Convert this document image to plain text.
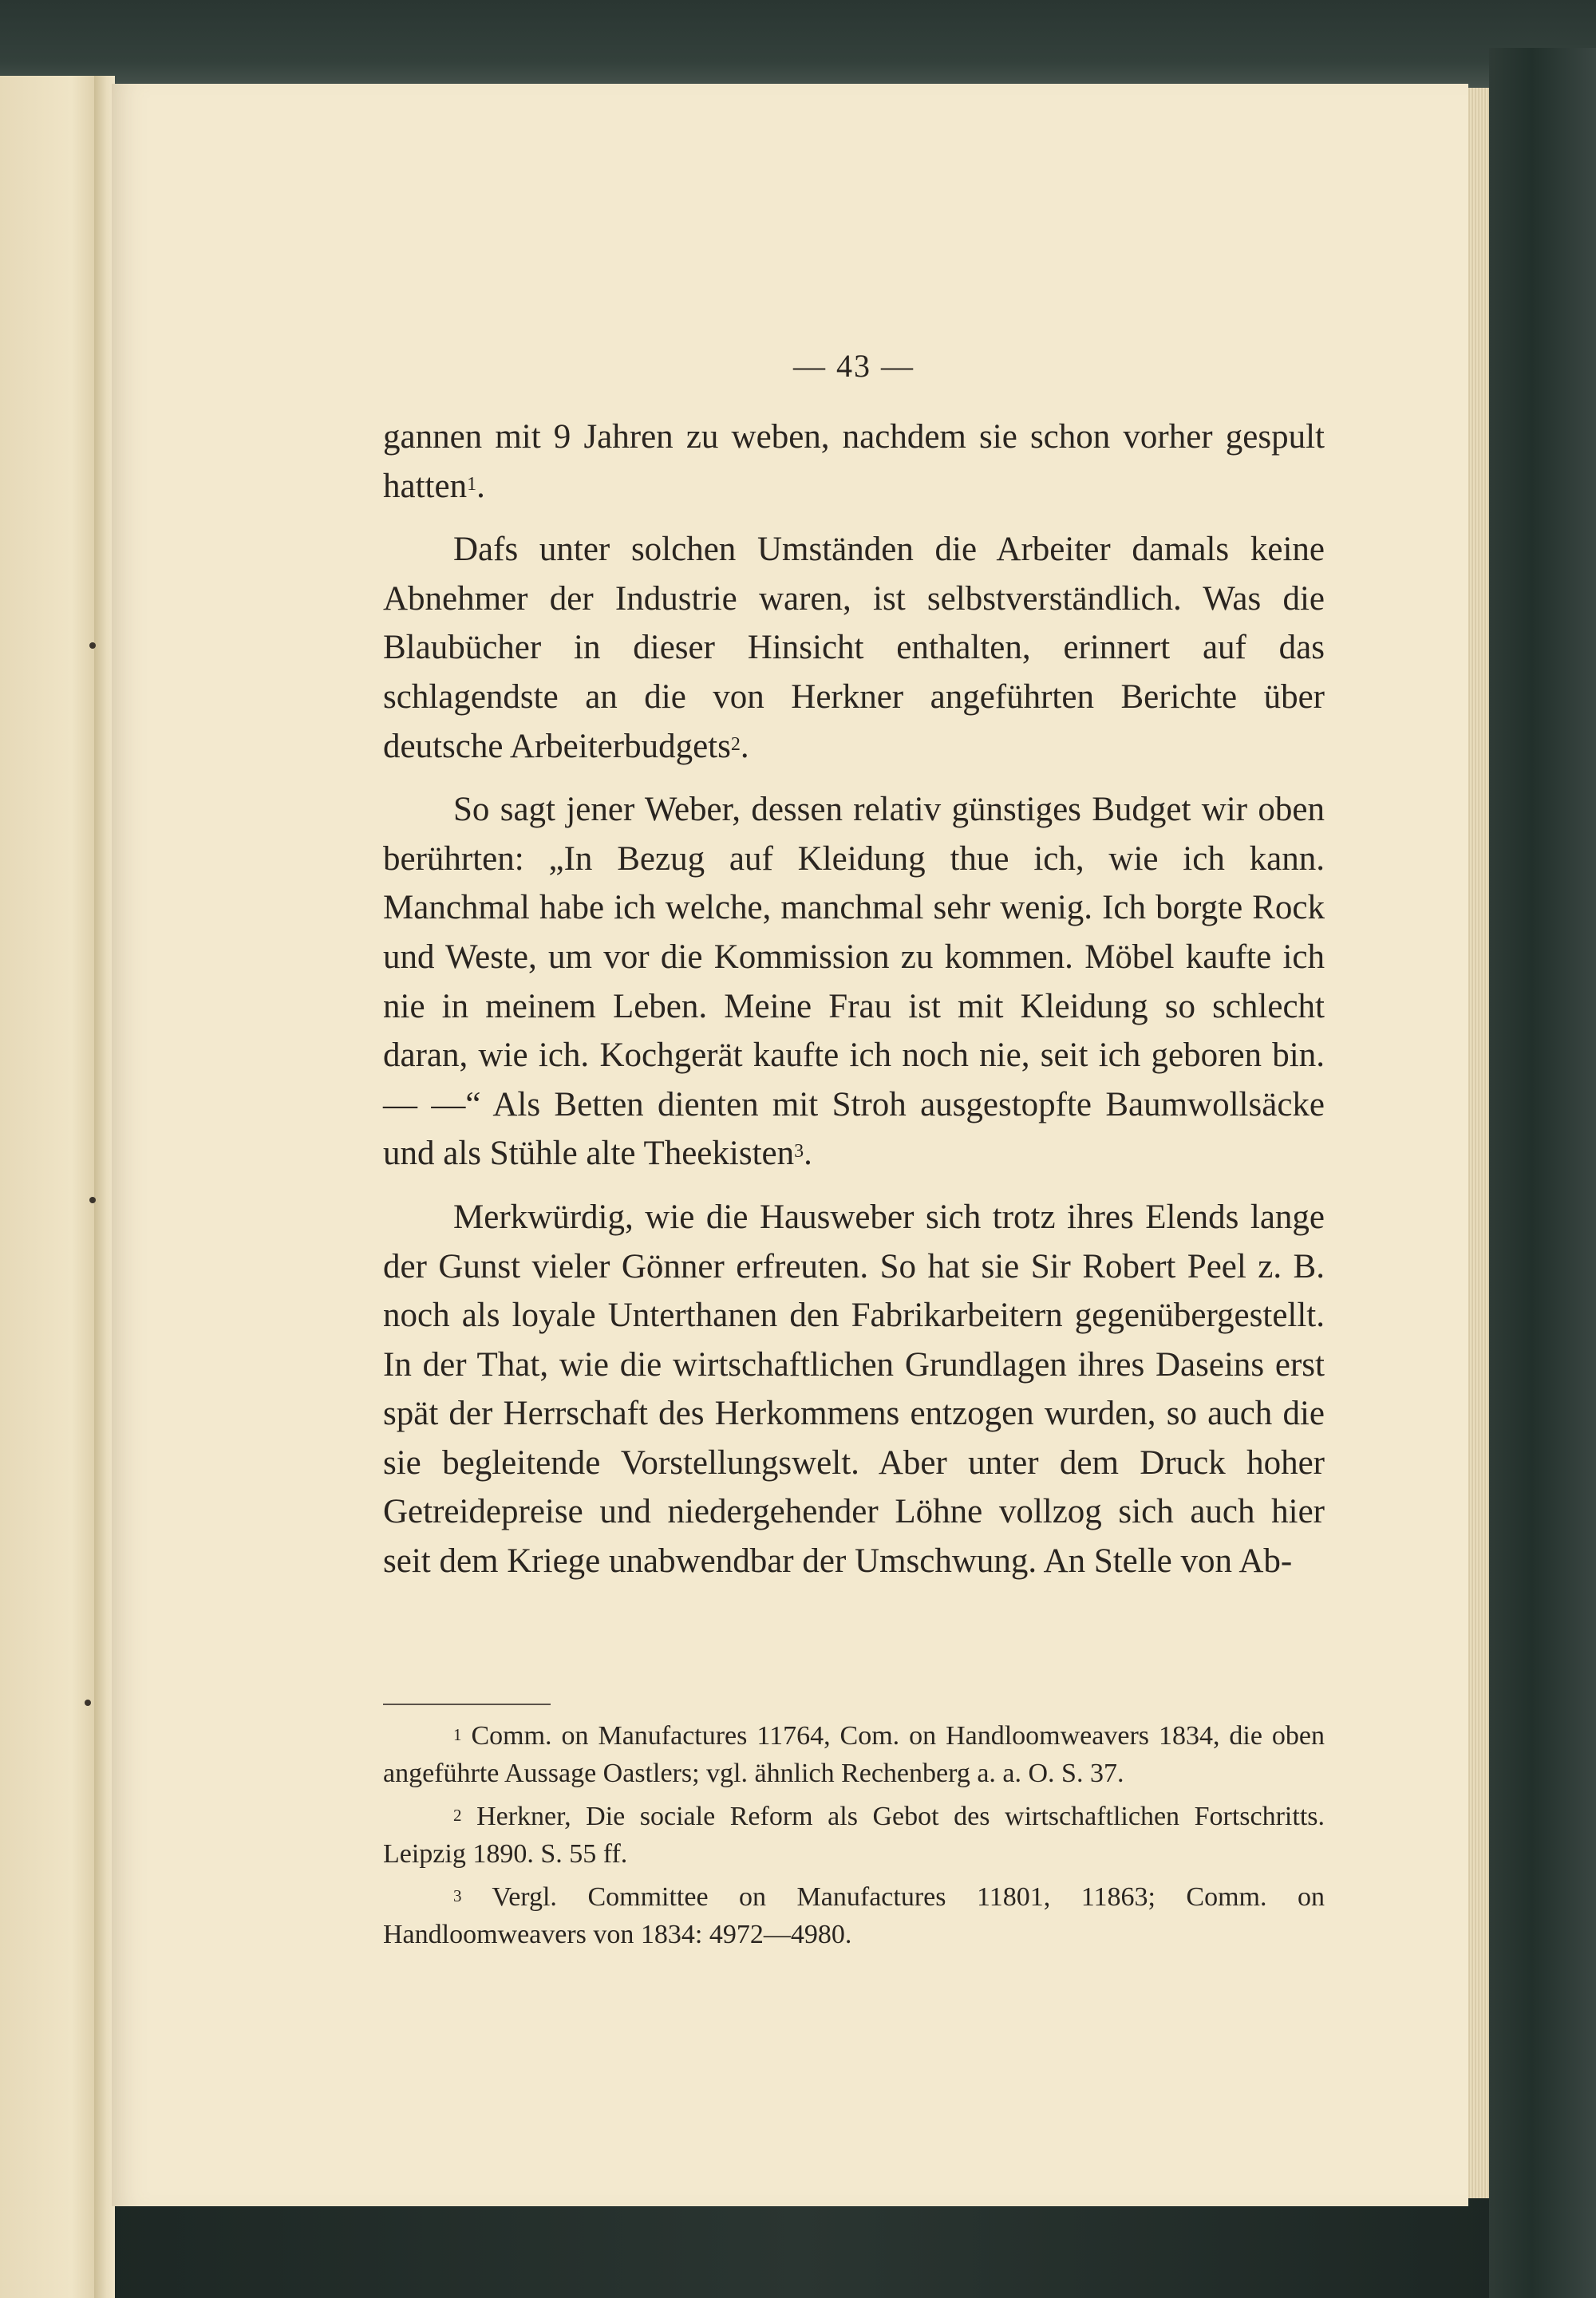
— 43 —

gannen mit 9 Jahren zu weben, nachdem sie schon vorher gespult hatten$^1$.

Dafs unter solchen Umständen die Arbeiter damals keine Abnehmer der Industrie waren, ist selbstverständlich. Was die Blaubücher in dieser Hinsicht enthalten, erinnert auf das schlagendste an die von Herkner angeführten Berichte über deutsche Arbeiterbudgets$^2$.

So sagt jener Weber, dessen relativ günstiges Budget wir oben berührten: „In Bezug auf Kleidung thue ich, wie ich kann. Manchmal habe ich welche, manchmal sehr wenig. Ich borgte Rock und Weste, um vor die Kommission zu kommen. Möbel kaufte ich nie in meinem Leben. Meine Frau ist mit Kleidung so schlecht daran, wie ich. Kochgerät kaufte ich noch nie, seit ich geboren bin. — —“ Als Betten dienten mit Stroh ausgestopfte Baumwollsäcke und als Stühle alte Theekisten$^3$.

Merkwürdig, wie die Hausweber sich trotz ihres Elends lange der Gunst vieler Gönner erfreuten. So hat sie Sir Robert Peel z. B. noch als loyale Unterthanen den Fabrikarbeitern gegenübergestellt. In der That, wie die wirtschaftlichen Grundlagen ihres Daseins erst spät der Herrschaft des Herkommens entzogen wurden, so auch die sie begleitende Vorstellungswelt. Aber unter dem Druck hoher Getreidepreise und niedergehender Löhne vollzog sich auch hier seit dem Kriege unabwendbar der Umschwung. An Stelle von Ab-

$^1$ Comm. on Manufactures 11764, Com. on Handloomweavers 1834, die oben angeführte Aussage Oastlers; vgl. ähnlich Rechenberg a. a. O. S. 37.

$^2$ Herkner, Die sociale Reform als Gebot des wirtschaftlichen Fortschritts. Leipzig 1890. S. 55 ff.

$^3$ Vergl. Committee on Manufactures 11801, 11863; Comm. on Handloomweavers von 1834: 4972—4980.
